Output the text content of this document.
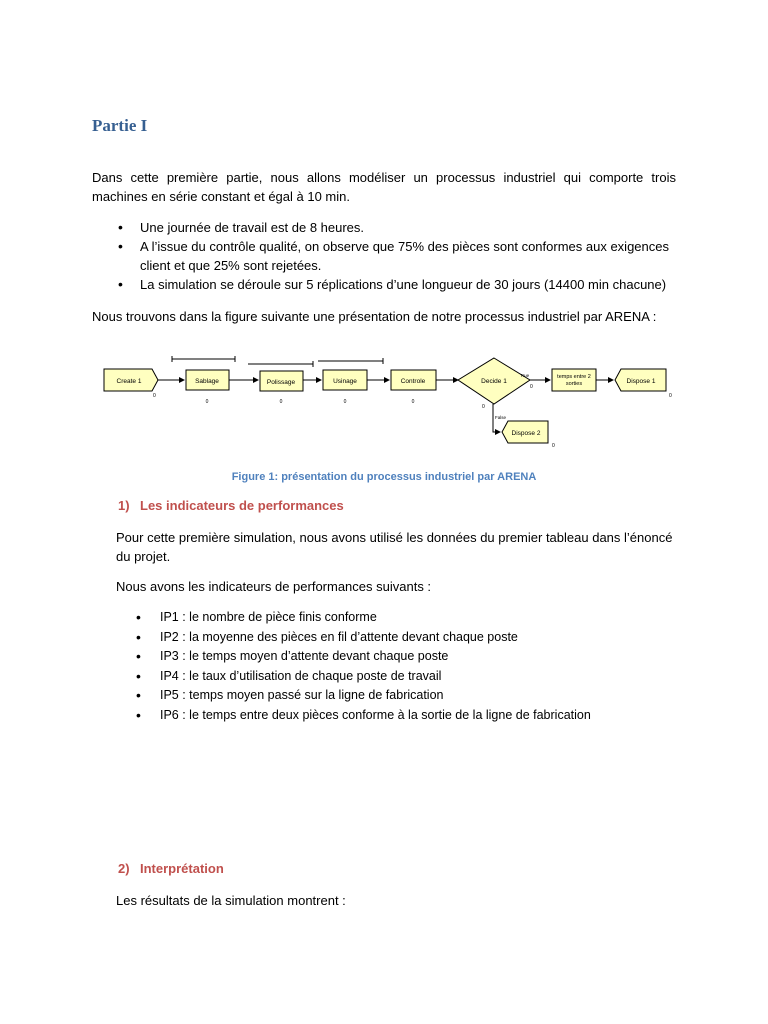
Partie I
Dans cette première partie, nous allons modéliser un processus industriel qui comporte trois machines en série constant et égal à 10 min.
• Une journée de travail est de 8 heures.
• A l’issue du contrôle qualité, on observe que 75% des pièces sont conformes aux exigences client et que 25% sont rejetées.
• La simulation se déroule sur 5 réplications d’une longueur de 30 jours (14400 min chacune)
Nous trouvons dans la figure suivante une présentation de notre processus industriel par ARENA :
Create 1
0
Sablage
0
Polissage
0
Usinage
0
Controle
0
Decide 1
True
0
False
0
temps entre 2
sorties	Dispose 1
0
Dispose 2
0
Figure 1: présentation du processus industriel par ARENA
1) Les indicateurs de performances
Pour cette première simulation, nous avons utilisé les données du premier tableau dans l’énoncé du projet.
Nous avons les indicateurs de performances suivants :
• IP1 : le nombre de pièce finis conforme
• IP2 : la moyenne des pièces en fil d’attente devant chaque poste
• IP3 : le temps moyen d’attente devant chaque poste
• IP4 : le taux d’utilisation de chaque poste de travail
• IP5 : temps moyen passé sur la ligne de fabrication
• IP6 : le temps entre deux pièces conforme à la sortie de la ligne de fabrication
2) Interprétation
Les résultats de la simulation montrent :
